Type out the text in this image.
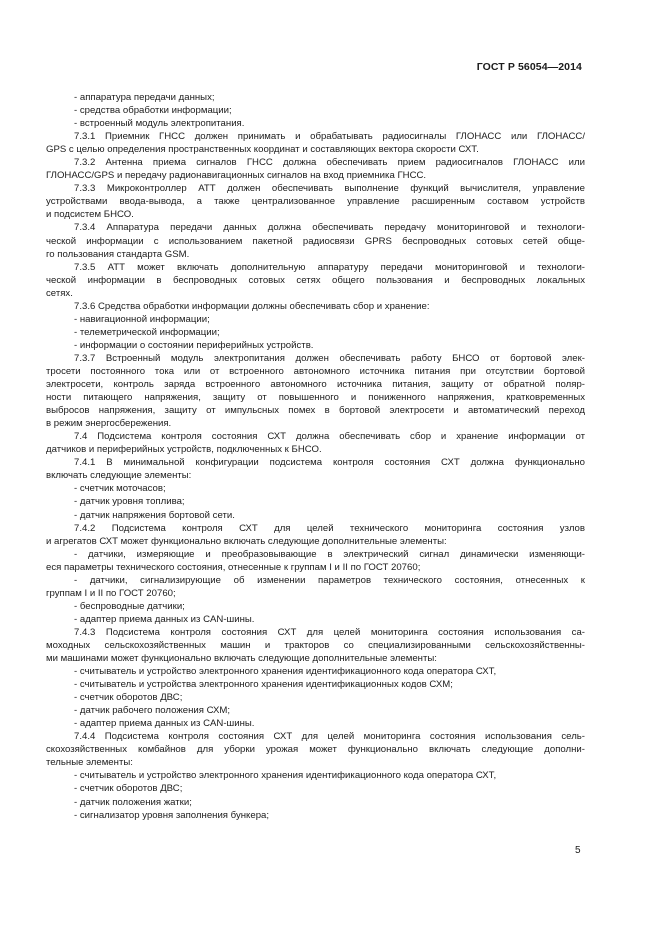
ГОСТ Р 56054—2014
- аппаратура передачи данных;
- средства обработки информации;
- встроенный модуль электропитания.
7.3.1 Приемник ГНСС должен принимать и обрабатывать радиосигналы ГЛОНАСС или ГЛОНАСС/
GPS с целью определения пространственных координат и составляющих вектора скорости СХТ.
7.3.2 Антенна приема сигналов ГНСС должна обеспечивать прием радиосигналов ГЛОНАСС или
ГЛОНАСС/GPS и передачу радионавигационных сигналов на вход приемника ГНСС.
7.3.3 Микроконтроллер АТТ должен обеспечивать выполнение функций вычислителя, управление
устройствами ввода-вывода, а также централизованное управление расширенным составом устройств
и подсистем БНСО.
7.3.4 Аппаратура передачи данных должна обеспечивать передачу мониторинговой и технологи-
ческой информации с использованием пакетной радиосвязи GPRS беспроводных сотовых сетей обще-
го пользования стандарта GSM.
7.3.5 АТТ может включать дополнительную аппаратуру передачи мониторинговой и технологи-
ческой информации в беспроводных сотовых сетях общего пользования и беспроводных локальных
сетях.
7.3.6 Средства обработки информации должны обеспечивать сбор и хранение:
- навигационной информации;
- телеметрической информации;
- информации о состоянии периферийных устройств.
7.3.7 Встроенный модуль электропитания должен обеспечивать работу БНСО от бортовой элек-
тросети постоянного тока или от встроенного автономного источника питания при отсутствии бортовой
электросети, контроль заряда встроенного автономного источника питания, защиту от обратной поляр-
ности питающего напряжения, защиту от повышенного и пониженного напряжения, кратковременных
выбросов напряжения, защиту от импульсных помех в бортовой электросети и автоматический переход
в режим энергосбережения.
7.4 Подсистема контроля состояния СХТ должна обеспечивать сбор и хранение информации от
датчиков и периферийных устройств, подключенных к БНСО.
7.4.1 В минимальной конфигурации подсистема контроля состояния СХТ должна функционально
включать следующие элементы:
- счетчик моточасов;
- датчик уровня топлива;
- датчик напряжения бортовой сети.
7.4.2 Подсистема контроля СХТ для целей технического мониторинга состояния узлов
и агрегатов СХТ может функционально включать следующие дополнительные элементы:
- датчики, измеряющие и преобразовывающие в электрический сигнал динамически изменяющи-
еся параметры технического состояния, отнесенные к группам I и II по ГОСТ 20760;
- датчики, сигнализирующие об изменении параметров технического состояния, отнесенных к
группам I и II по ГОСТ 20760;
- беспроводные датчики;
- адаптер приема данных из CAN-шины.
7.4.3 Подсистема контроля состояния СХТ для целей мониторинга состояния использования са-
моходных сельскохозяйственных машин и тракторов со специализированными сельскохозяйственны-
ми машинами может функционально включать следующие дополнительные элементы:
- считыватель и устройство электронного хранения идентификационного кода оператора СХТ,
- считыватель и устройства электронного хранения идентификационных кодов СХМ;
- счетчик оборотов ДВС;
- датчик рабочего положения СХМ;
- адаптер приема данных из CAN-шины.
7.4.4 Подсистема контроля состояния СХТ для целей мониторинга состояния использования сель-
скохозяйственных комбайнов для уборки урожая может функционально включать следующие дополни-
тельные элементы:
- считыватель и устройство электронного хранения идентификационного кода оператора СХТ,
- счетчик оборотов ДВС;
- датчик положения жатки;
- сигнализатор уровня заполнения бункера;
5
